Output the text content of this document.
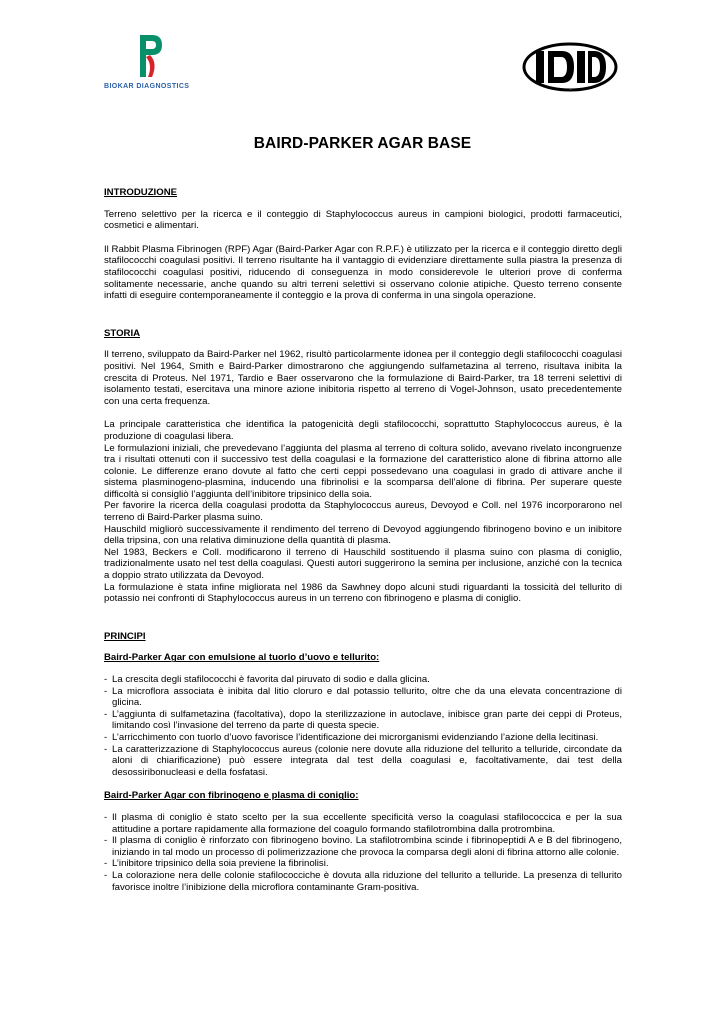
BIOKAR DIAGNOSTICS
DD
BAIRD-PARKER AGAR BASE
INTRODUZIONE

Terreno selettivo per la ricerca e il conteggio di Staphylococcus aureus in campioni biologici, prodotti farmaceutici, cosmetici e alimentari.

Il Rabbit Plasma Fibrinogen (RPF) Agar (Baird-Parker Agar con R.P.F.) è utilizzato per la ricerca e il conteggio diretto degli stafilococchi coagulasi positivi. Il terreno risultante ha il vantaggio di evidenziare direttamente sulla piastra la presenza di stafilococchi coagulasi positivi, riducendo di conseguenza in modo considerevole le ulteriori prove di conferma solitamente necessarie, anche quando su altri terreni selettivi si osservano colonie atipiche. Questo terreno consente infatti di eseguire contemporaneamente il conteggio e la prova di conferma in una singola operazione.

STORIA

Il terreno, sviluppato da Baird-Parker nel 1962, risultò particolarmente idonea per il conteggio degli stafilococchi coagulasi positivi. Nel 1964, Smith e Baird-Parker dimostrarono che aggiungendo sulfametazina al terreno, risultava inibita la crescita di Proteus. Nel 1971, Tardio e Baer osservarono che la formulazione di Baird-Parker, tra 18 terreni selettivi di isolamento testati, esercitava una minore azione inibitoria rispetto al terreno di Vogel-Johnson, usato precedentemente con una certa frequenza.

La principale caratteristica che identifica la patogenicità degli stafilococchi, soprattutto Staphylococcus aureus, è la produzione di coagulasi libera.

Le formulazioni iniziali, che prevedevano l’aggiunta del plasma al terreno di coltura solido, avevano rivelato incongruenze tra i risultati ottenuti con il successivo test della coagulasi e la formazione del caratteristico alone di fibrina attorno alle colonie. Le differenze erano dovute al fatto che certi ceppi possedevano una coagulasi in grado di attivare anche il sistema plasminogeno-plasmina, inducendo una fibrinolisi e la scomparsa dell’alone di fibrina. Per superare queste difficoltà si consigliò l’aggiunta dell’inibitore tripsinico della soia.

Per favorire la ricerca della coagulasi prodotta da Staphylococcus aureus, Devoyod e Coll. nel 1976 incorporarono nel terreno di Baird-Parker plasma suino.

Hauschild migliorò successivamente il rendimento del terreno di Devoyod aggiungendo fibrinogeno bovino e un inibitore della tripsina, con una relativa diminuzione della quantità di plasma.

Nel 1983, Beckers e Coll. modificarono il terreno di Hauschild sostituendo il plasma suino con plasma di coniglio, tradizionalmente usato nel test della coagulasi. Questi autori suggerirono la semina per inclusione, anziché con la tecnica a doppio strato utilizzata da Devoyod.

La formulazione è stata infine migliorata nel 1986 da Sawhney dopo alcuni studi riguardanti la tossicità del tellurito di potassio nei confronti di Staphylococcus aureus in un terreno con fibrinogeno e plasma di coniglio.

PRINCIPI
Baird-Parker Agar con emulsione al tuorlo d’uovo e tellurito:
- La crescita degli stafilococchi è favorita dal piruvato di sodio e dalla glicina.
- La microflora associata è inibita dal litio cloruro e dal potassio tellurito, oltre che da una elevata concentrazione di glicina.
- L’aggiunta di sulfametazina (facoltativa), dopo la sterilizzazione in autoclave, inibisce gran parte dei ceppi di Proteus, limitando così l’invasione del terreno da parte di questa specie.
- L’arricchimento con tuorlo d’uovo favorisce l’identificazione dei microrganismi evidenziando l’azione della lecitinasi.
- La caratterizzazione di Staphylococcus aureus (colonie nere dovute alla riduzione del tellurito a telluride, circondate da aloni di chiarificazione) può essere integrata dal test della coagulasi e, facoltativamente, dai test della desossiribonucleasi e della fosfatasi.
Baird-Parker Agar con fibrinogeno e plasma di coniglio:
- Il plasma di coniglio è stato scelto per la sua eccellente specificità verso la coagulasi stafilococcica e per la sua attitudine a portare rapidamente alla formazione del coagulo formando stafilotrombina dalla protrombina.
- Il plasma di coniglio è rinforzato con fibrinogeno bovino. La stafilotrombina scinde i fibrinopeptidi A e B del fibrinogeno, iniziando in tal modo un processo di polimerizzazione che provoca la comparsa degli aloni di fibrina attorno alle colonie.
- L’inibitore tripsinico della soia previene la fibrinolisi.
- La colorazione nera delle colonie stafilococciche è dovuta alla riduzione del tellurito a telluride. La presenza di tellurito favorisce inoltre l’inibizione della microflora contaminante Gram-positiva.
